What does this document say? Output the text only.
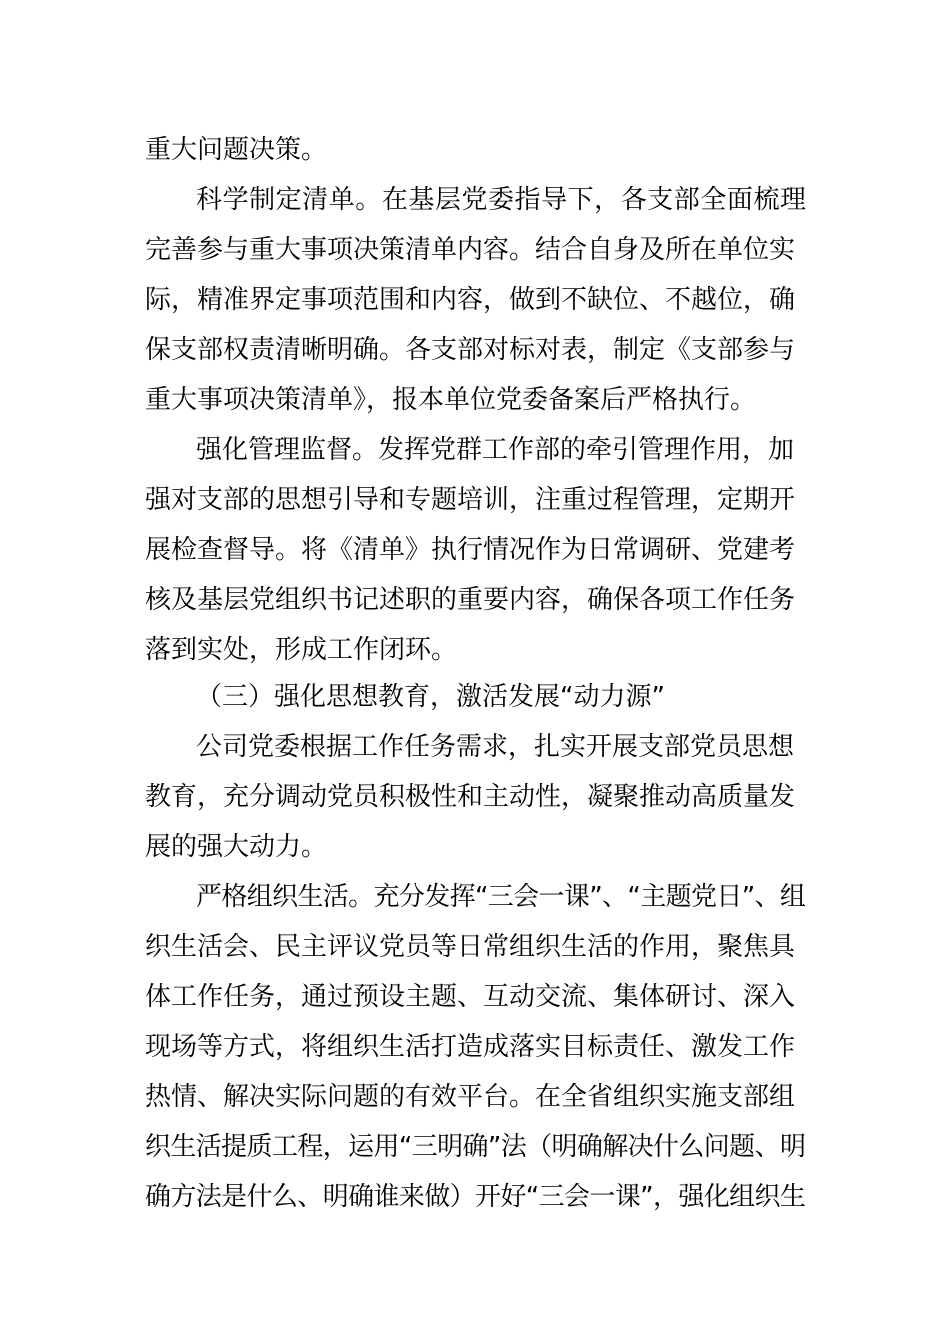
重大问题决策。
科学制定清单。在基层党委指导下，各支部全面梳理
完善参与重大事项决策清单内容。结合自身及所在单位实
际，精准界定事项范围和内容，做到不缺位、不越位，确
保支部权责清晰明确。各支部对标对表，制定《支部参与
重大事项决策清单》，报本单位党委备案后严格执行。
强化管理监督。发挥党群工作部的牵引管理作用，加
强对支部的思想引导和专题培训，注重过程管理，定期开
展检查督导。将《清单》执行情况作为日常调研、党建考
核及基层党组织书记述职的重要内容，确保各项工作任务
落到实处，形成工作闭环。
（三）强化思想教育，激活发展“动力源”
公司党委根据工作任务需求，扎实开展支部党员思想
教育，充分调动党员积极性和主动性，凝聚推动高质量发
展的强大动力。
严格组织生活。充分发挥“三会一课”、“主题党日”、组
织生活会、民主评议党员等日常组织生活的作用，聚焦具
体工作任务，通过预设主题、互动交流、集体研讨、深入
现场等方式，将组织生活打造成落实目标责任、激发工作
热情、解决实际问题的有效平台。在全省组织实施支部组
织生活提质工程，运用“三明确”法（明确解决什么问题、明
确方法是什么、明确谁来做）开好“三会一课”，强化组织生
